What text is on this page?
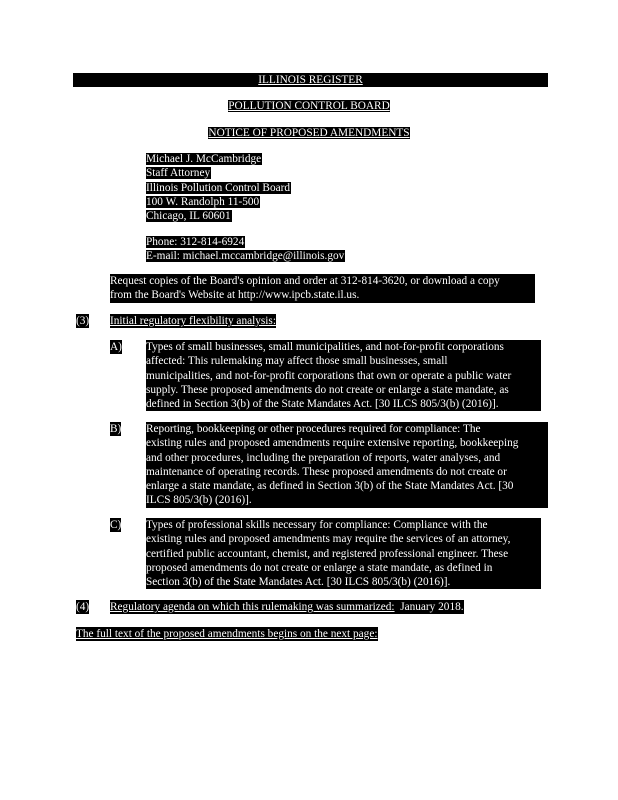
ILLINOIS REGISTER
POLLUTION CONTROL BOARD
NOTICE OF PROPOSED AMENDMENTS
Michael J. McCambridge
Staff Attorney
Illinois Pollution Control Board
100 W. Randolph 11-500
Chicago, IL 60601
Phone: 312-814-6924
E-mail: michael.mccambridge@illinois.gov
Request copies of the Board's opinion and order at 312-814-3620, or download a copy
from the Board's Website at http://www.ipcb.state.il.us.
(3) Initial regulatory flexibility analysis:
A) Types of small businesses, small municipalities, and not-for-profit corporations
affected: This rulemaking may affect those small businesses, small
municipalities, and not-for-profit corporations that own or operate a public water
supply. These proposed amendments do not create or enlarge a state mandate, as
defined in Section 3(b) of the State Mandates Act. [30 ILCS 805/3(b) (2016)].
B) Reporting, bookkeeping or other procedures required for compliance: The
existing rules and proposed amendments require extensive reporting, bookkeeping
and other procedures, including the preparation of reports, water analyses, and
maintenance of operating records. These proposed amendments do not create or
enlarge a state mandate, as defined in Section 3(b) of the State Mandates Act. [30
ILCS 805/3(b) (2016)].
C) Types of professional skills necessary for compliance: Compliance with the
existing rules and proposed amendments may require the services of an attorney,
certified public accountant, chemist, and registered professional engineer. These
proposed amendments do not create or enlarge a state mandate, as defined in
Section 3(b) of the State Mandates Act. [30 ILCS 805/3(b) (2016)].
(4) Regulatory agenda on which this rulemaking was summarized:  January 2018.
The full text of the proposed amendments begins on the next page:
